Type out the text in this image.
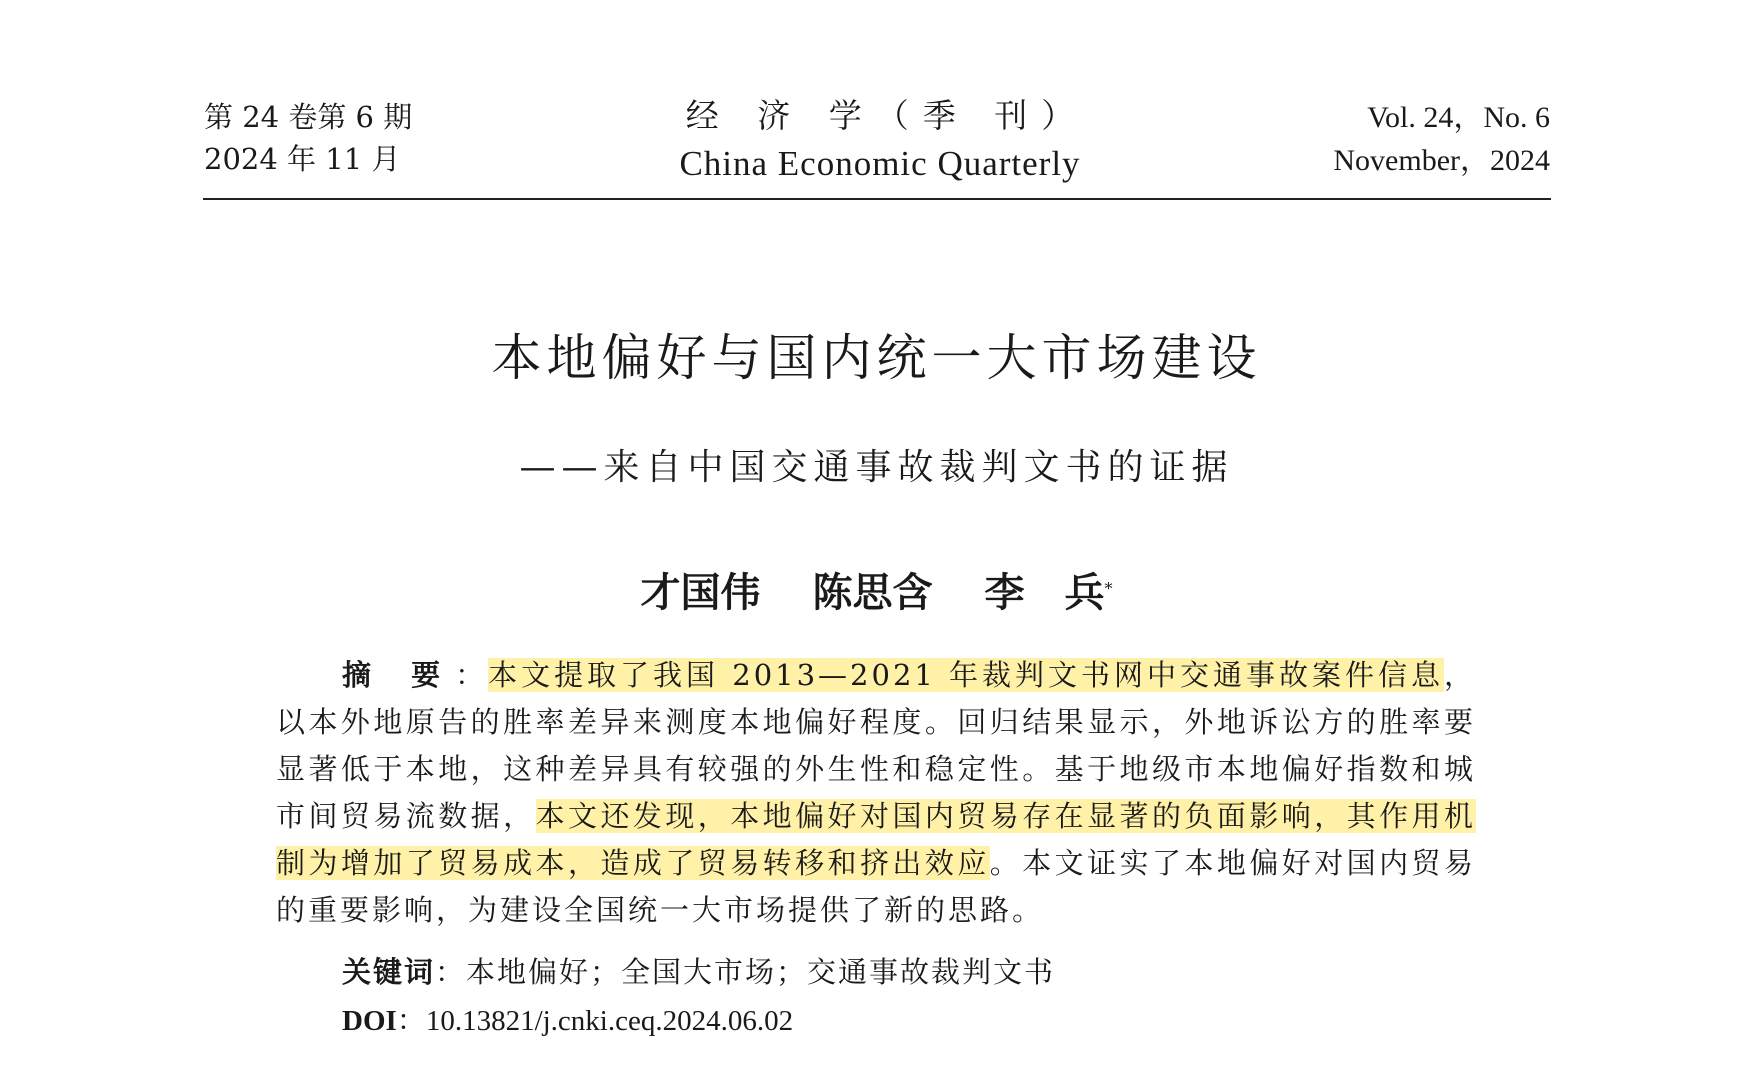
第 24 卷第 6 期
2024 年 11 月
经 济 学（季 刊）
China Economic Quarterly
Vol. 24，No. 6
November，2024
本地偏好与国内统一大市场建设
——来自中国交通事故裁判文书的证据
才国伟 陈思含 李　兵*
摘 要：本文提取了我国 2013—2021 年裁判文书网中交通事故案件信息，以本外地原告的胜率差异来测度本地偏好程度。回归结果显示，外地诉讼方的胜率要显著低于本地，这种差异具有较强的外生性和稳定性。基于地级市本地偏好指数和城市间贸易流数据，本文还发现，本地偏好对国内贸易存在显著的负面影响，其作用机制为增加了贸易成本，造成了贸易转移和挤出效应。本文证实了本地偏好对国内贸易的重要影响，为建设全国统一大市场提供了新的思路。
关键词：本地偏好；全国大市场；交通事故裁判文书
DOI：10.13821/j.cnki.ceq.2024.06.02
